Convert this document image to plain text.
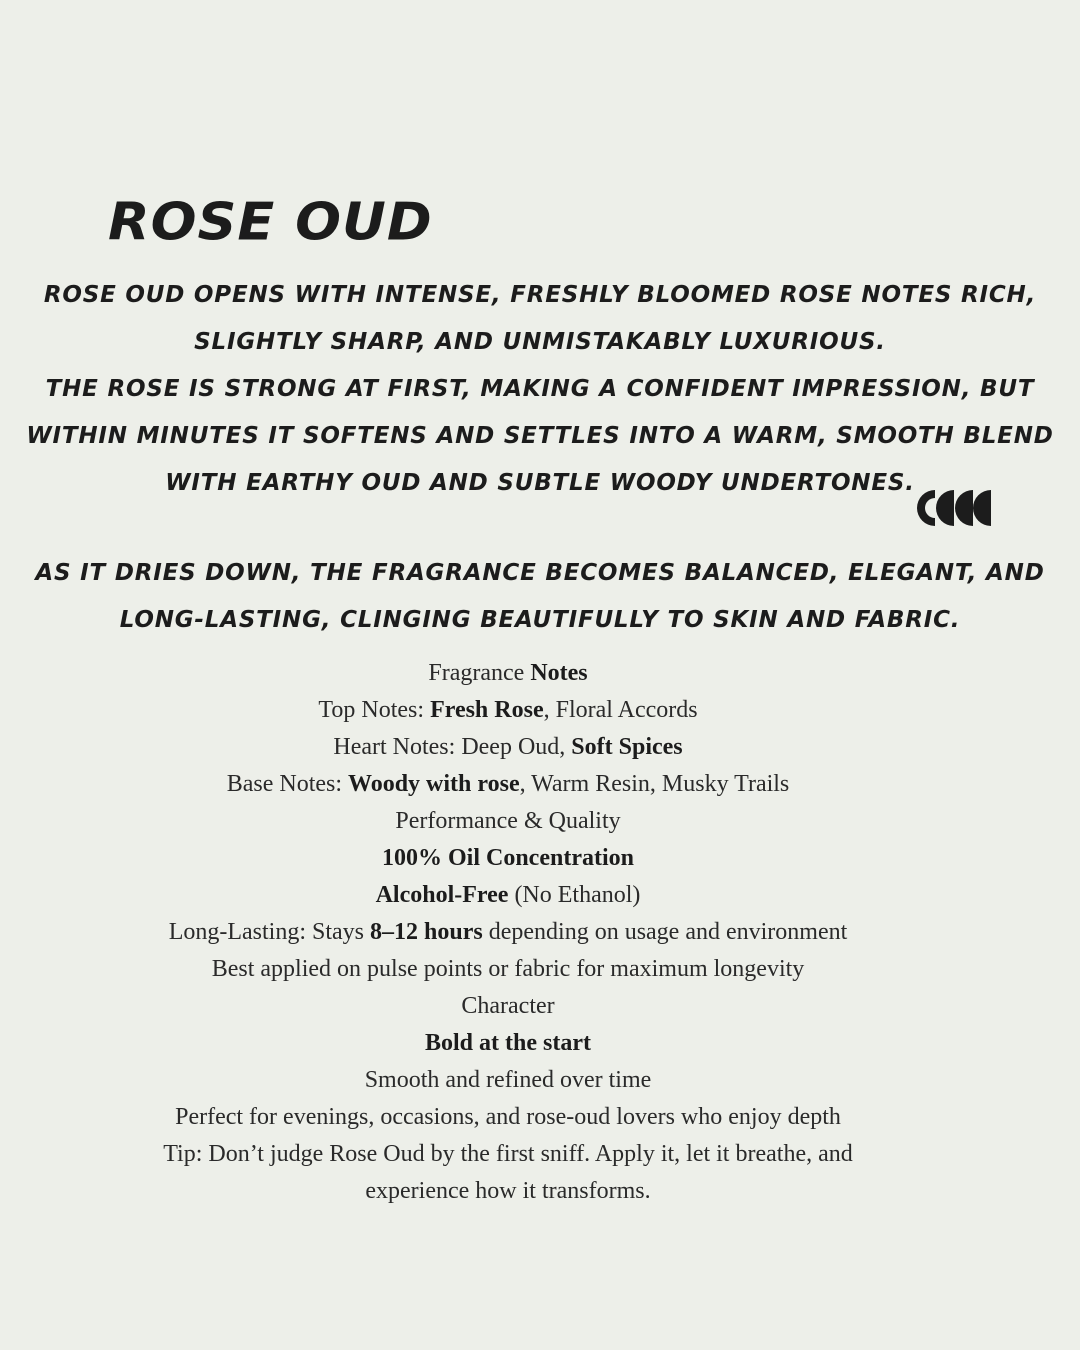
ROSE OUD

ROSE OUD OPENS WITH INTENSE, FRESHLY BLOOMED ROSE NOTES RICH,
SLIGHTLY SHARP, AND UNMISTAKABLY LUXURIOUS.
THE ROSE IS STRONG AT FIRST, MAKING A CONFIDENT IMPRESSION, BUT
WITHIN MINUTES IT SOFTENS AND SETTLES INTO A WARM, SMOOTH BLEND
WITH EARTHY OUD AND SUBTLE WOODY UNDERTONES.

AS IT DRIES DOWN, THE FRAGRANCE BECOMES BALANCED, ELEGANT, AND
LONG-LASTING, CLINGING BEAUTIFULLY TO SKIN AND FABRIC.

Fragrance Notes
Top Notes: Fresh Rose, Floral Accords
Heart Notes: Deep Oud, Soft Spices
Base Notes: Woody with rose, Warm Resin, Musky Trails
Performance & Quality
100% Oil Concentration
Alcohol-Free (No Ethanol)
Long-Lasting: Stays 8–12 hours depending on usage and environment
Best applied on pulse points or fabric for maximum longevity
Character
Bold at the start
Smooth and refined over time
Perfect for evenings, occasions, and rose-oud lovers who enjoy depth
Tip: Don’t judge Rose Oud by the first sniff. Apply it, let it breathe, and
experience how it transforms.
